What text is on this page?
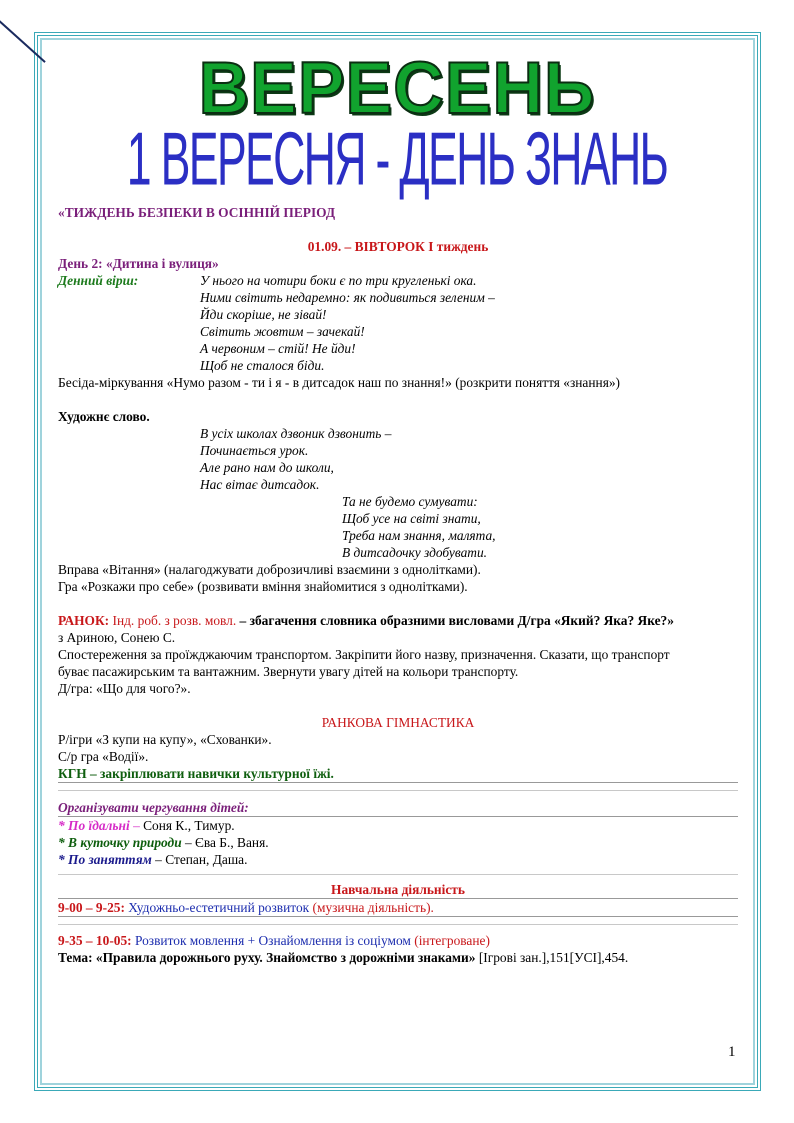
ВЕРЕСЕНЬ
1 ВЕРЕСНЯ - ДЕНЬ ЗНАНЬ
«ТИЖДЕНЬ БЕЗПЕКИ В ОСІННІЙ ПЕРІОД
01.09. – ВІВТОРОК І тиждень
День 2: «Дитина і вулиця»
Денний вірш:	У нього на чотири боки є по три кругленькі ока.
Ними світить недаремно: як подивиться зеленим –
Йди скоріше, не зівай!
Світить жовтим – зачекай!
А червоним – стій! Не йди!
Щоб не сталося біди.
Бесіда-міркування «Нумо разом - ти і я - в дитсадок наш по знання!» (розкрити поняття «знання»)
Художнє слово.
В усіх школах дзвоник дзвонить –
Починається урок.
Але рано нам до школи,
Нас вітає дитсадок.
Та не будемо сумувати:
Щоб усе на світі знати,
Треба нам знання, малята,
В дитсадочку здобувати.
Вправа «Вітання» (налагоджувати доброзичливі взаємини з однолітками).
Гра «Розкажи про себе» (розвивати вміння знайомитися з однолітками).
РАНОК: Інд. роб. з розв. мовл. – збагачення словника образними висловами Д/гра «Який? Яка? Яке?»
з Ариною, Сонею С.
Спостереження за проїжджаючим транспортом. Закріпити його назву, призначення. Сказати, що транспорт
буває пасажирським та вантажним. Звернути увагу дітей на кольори транспорту.
Д/гра: «Що для чого?».
РАНКОВА ГІМНАСТИКА
Р/ігри «З купи на купу», «Схованки».
С/р гра «Водії».
КГН – закріплювати навички культурної їжі.
Організувати чергування дітей:
* По їдальні – Соня К., Тимур.
* В куточку природи – Єва Б., Ваня.
* По заняттям – Степан, Даша.
Навчальна діяльність
9-00 – 9-25: Художньо-естетичний розвиток (музична діяльність).
9-35 – 10-05: Розвиток мовлення + Ознайомлення із соціумом (інтегроване)
Тема: «Правила дорожнього руху. Знайомство з дорожніми знаками» [Ігрові зан.],151[УСІ],454.
1
